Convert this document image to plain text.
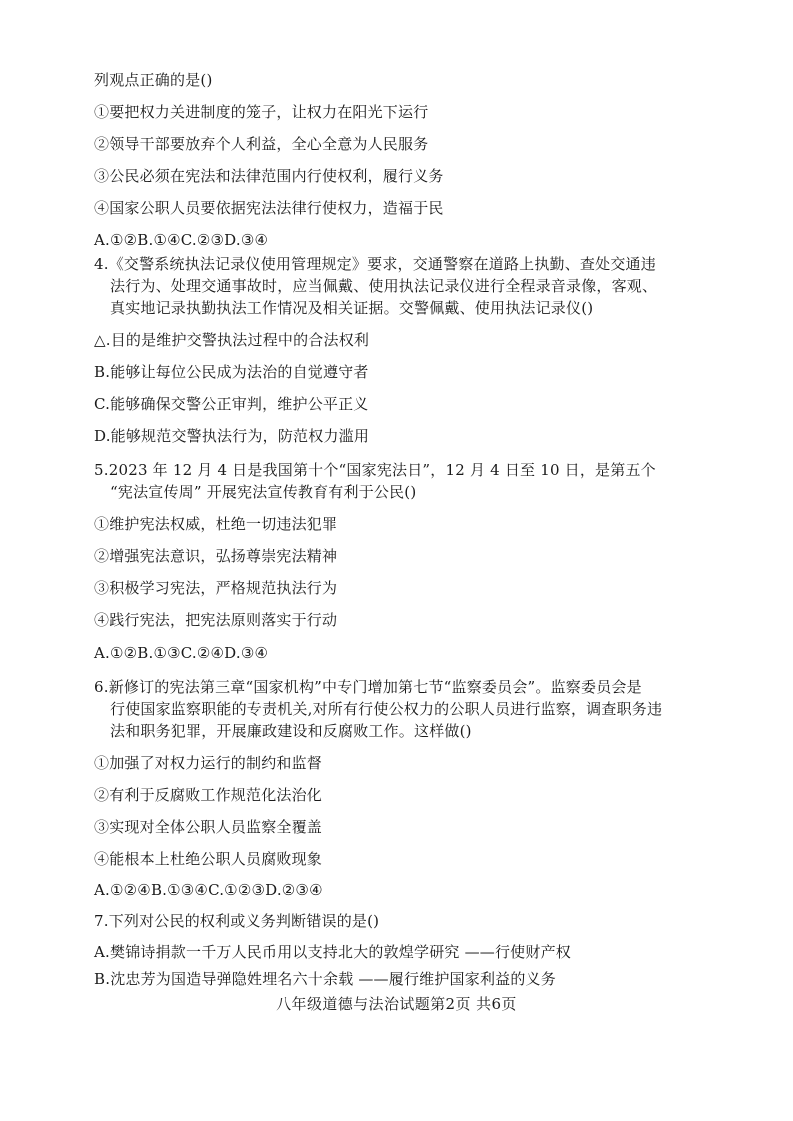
列观点正确的是()
①要把权力关进制度的笼子，让权力在阳光下运行
②领导干部要放弃个人利益，全心全意为人民服务
③公民必须在宪法和法律范围内行使权利，履行义务
④国家公职人员要依据宪法法律行使权力，造福于民
A.①②B.①④C.②③D.③④
4.《交警系统执法记录仪使用管理规定》要求，交通警察在道路上执勤、查处交通违
法行为、处理交通事故时，应当佩戴、使用执法记录仪进行全程录音录像，客观、
真实地记录执勤执法工作情况及相关证据。交警佩戴、使用执法记录仪()
△.目的是维护交警执法过程中的合法权利
B.能够让每位公民成为法治的自觉遵守者
C.能够确保交警公正审判，维护公平正义
D.能够规范交警执法行为，防范权力滥用
5.2023 年 12 月 4 日是我国第十个“国家宪法日”，12 月 4 日至 10 日，是第五个
“宪法宣传周” 开展宪法宣传教育有利于公民()
①维护宪法权威，杜绝一切违法犯罪
②增强宪法意识，弘扬尊崇宪法精神
③积极学习宪法，严格规范执法行为
④践行宪法，把宪法原则落实于行动
A.①②B.①③C.②④D.③④
6.新修订的宪法第三章“国家机构”中专门增加第七节“监察委员会”。监察委员会是
行使国家监察职能的专责机关,对所有行使公权力的公职人员进行监察，调查职务违
法和职务犯罪，开展廉政建设和反腐败工作。这样做()
①加强了对权力运行的制约和监督
②有利于反腐败工作规范化法治化
③实现对全体公职人员监察全覆盖
④能根本上杜绝公职人员腐败现象
A.①②④B.①③④C.①②③D.②③④
7.下列对公民的权利或义务判断错误的是()
A.樊锦诗捐款一千万人民币用以支持北大的敦煌学研究 ——行使财产权
B.沈忠芳为国造导弹隐姓埋名六十余载 ——履行维护国家利益的义务
八年级道德与法治试题第2页 共6页
